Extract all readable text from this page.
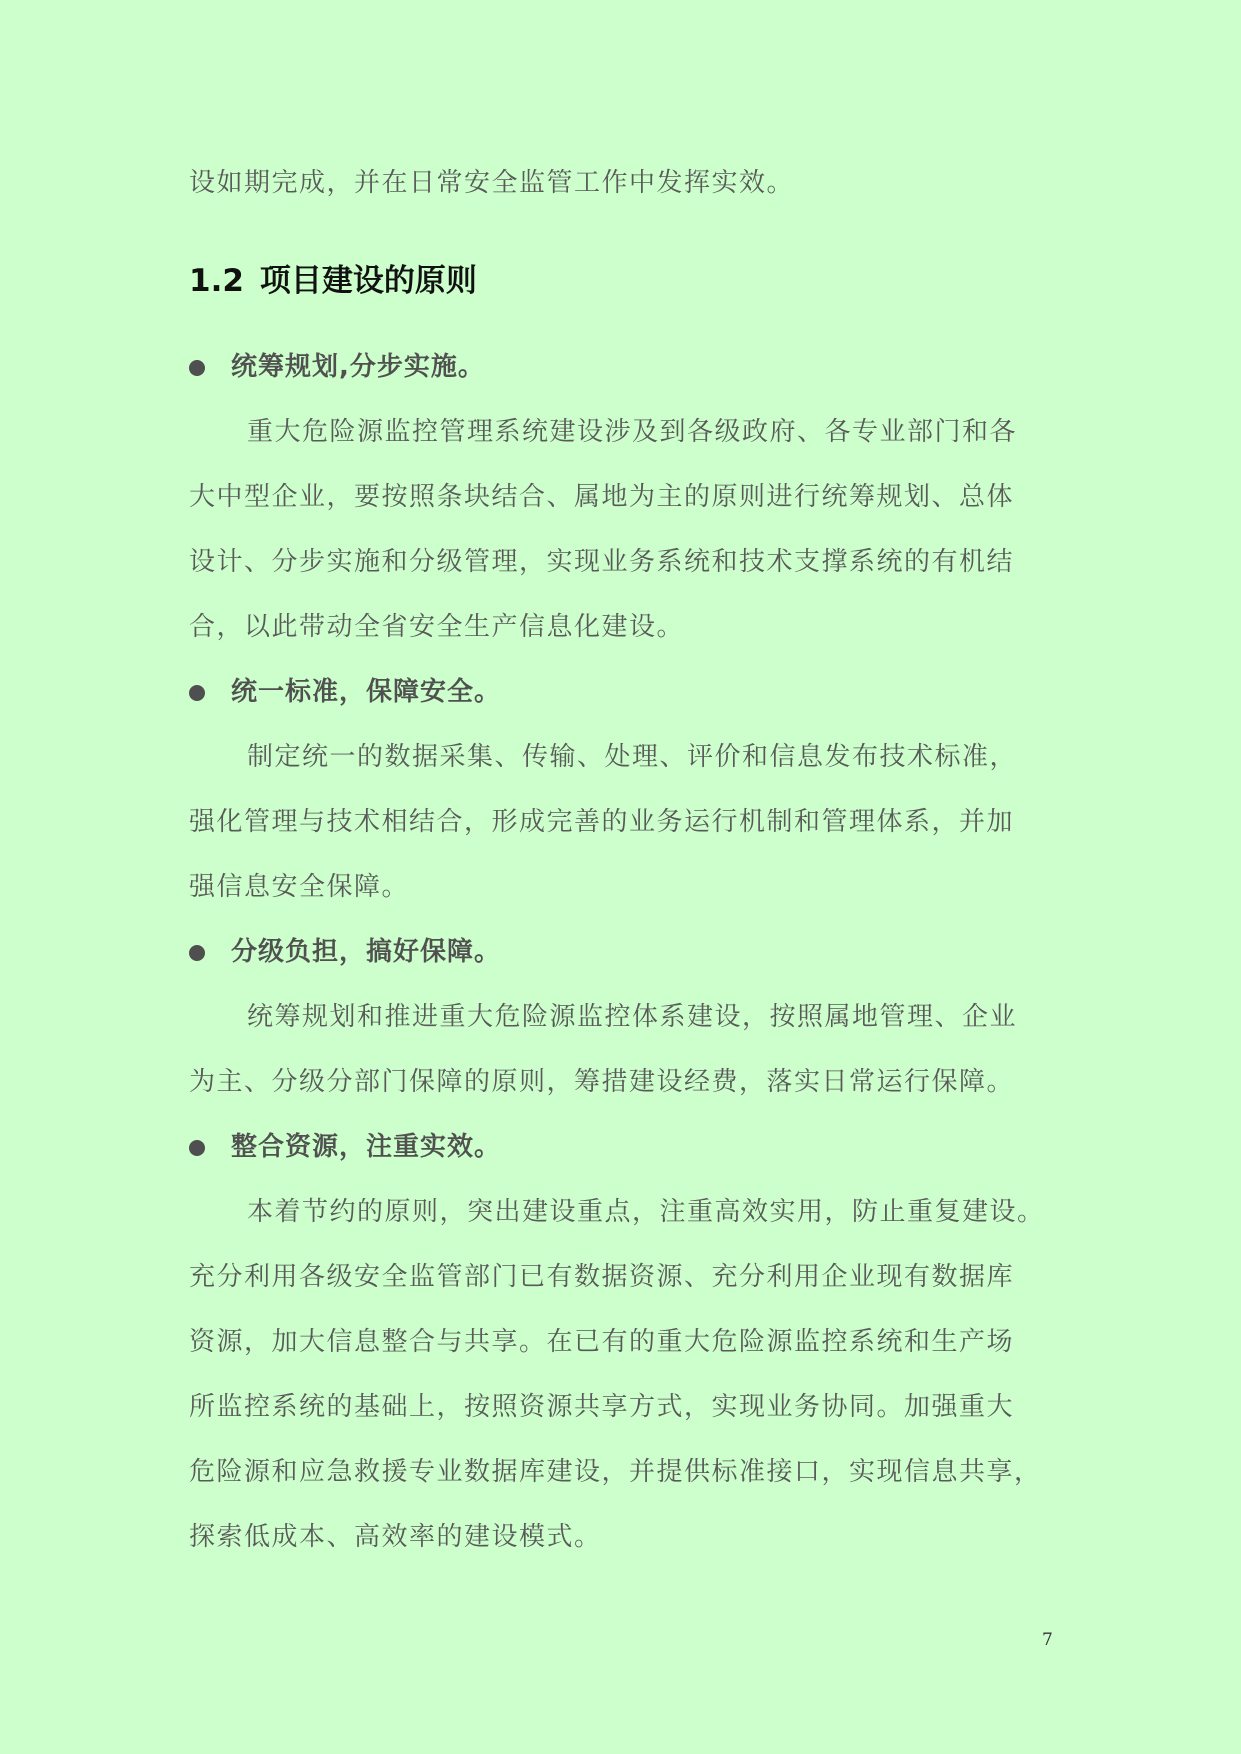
设如期完成，并在日常安全监管工作中发挥实效。
1.2 项目建设的原则
统筹规划,分步实施。
重大危险源监控管理系统建设涉及到各级政府、各专业部门和各
大中型企业，要按照条块结合、属地为主的原则进行统筹规划、总体
设计、分步实施和分级管理，实现业务系统和技术支撑系统的有机结
合，以此带动全省安全生产信息化建设。
统一标准，保障安全。
制定统一的数据采集、传输、处理、评价和信息发布技术标准，
强化管理与技术相结合，形成完善的业务运行机制和管理体系，并加
强信息安全保障。
分级负担，搞好保障。
统筹规划和推进重大危险源监控体系建设，按照属地管理、企业
为主、分级分部门保障的原则，筹措建设经费，落实日常运行保障。
整合资源，注重实效。
本着节约的原则，突出建设重点，注重高效实用，防止重复建设。
充分利用各级安全监管部门已有数据资源、充分利用企业现有数据库
资源，加大信息整合与共享。在已有的重大危险源监控系统和生产场
所监控系统的基础上，按照资源共享方式，实现业务协同。加强重大
危险源和应急救援专业数据库建设，并提供标准接口，实现信息共享，
探索低成本、高效率的建设模式。
7
